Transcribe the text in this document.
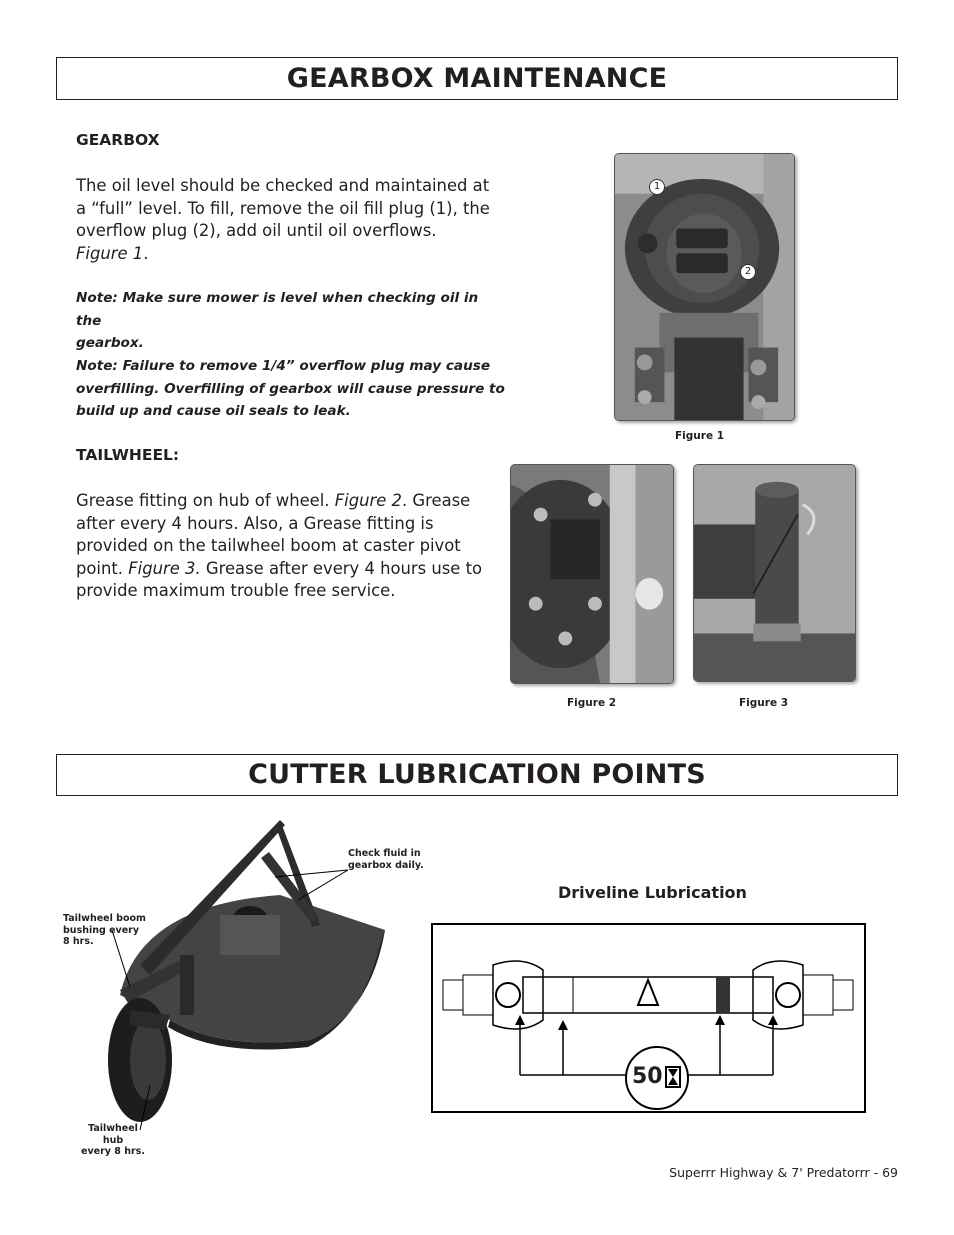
GEARBOX MAINTENANCE
GEARBOX
The oil level should be checked and maintained at
a “full” level. To fill, remove the oil fill plug (1), the
overflow plug (2), add oil until oil overflows.
Figure 1.
Note: Make sure mower is level when checking oil in the
gearbox.
Note: Failure to remove 1/4” overflow plug may cause
overfilling. Overfilling of gearbox will cause pressure to
build up and cause oil seals to leak.
TAILWHEEL:
Grease fitting on hub of wheel. Figure 2. Grease
after every 4 hours. Also, a Grease fitting is
provided on the tailwheel boom at caster pivot
point. Figure 3. Grease after every 4 hours use to
provide maximum trouble free service.
1
2
Figure 1
Figure 2	Figure 3
CUTTER LUBRICATION POINTS
Check fluid in
gearbox daily.
Tailwheel boom
bushing every
8 hrs.
Tailwheel hub
every 8 hrs.
Driveline Lubrication
50
Superrr Highway & 7' Predatorrr - 69
